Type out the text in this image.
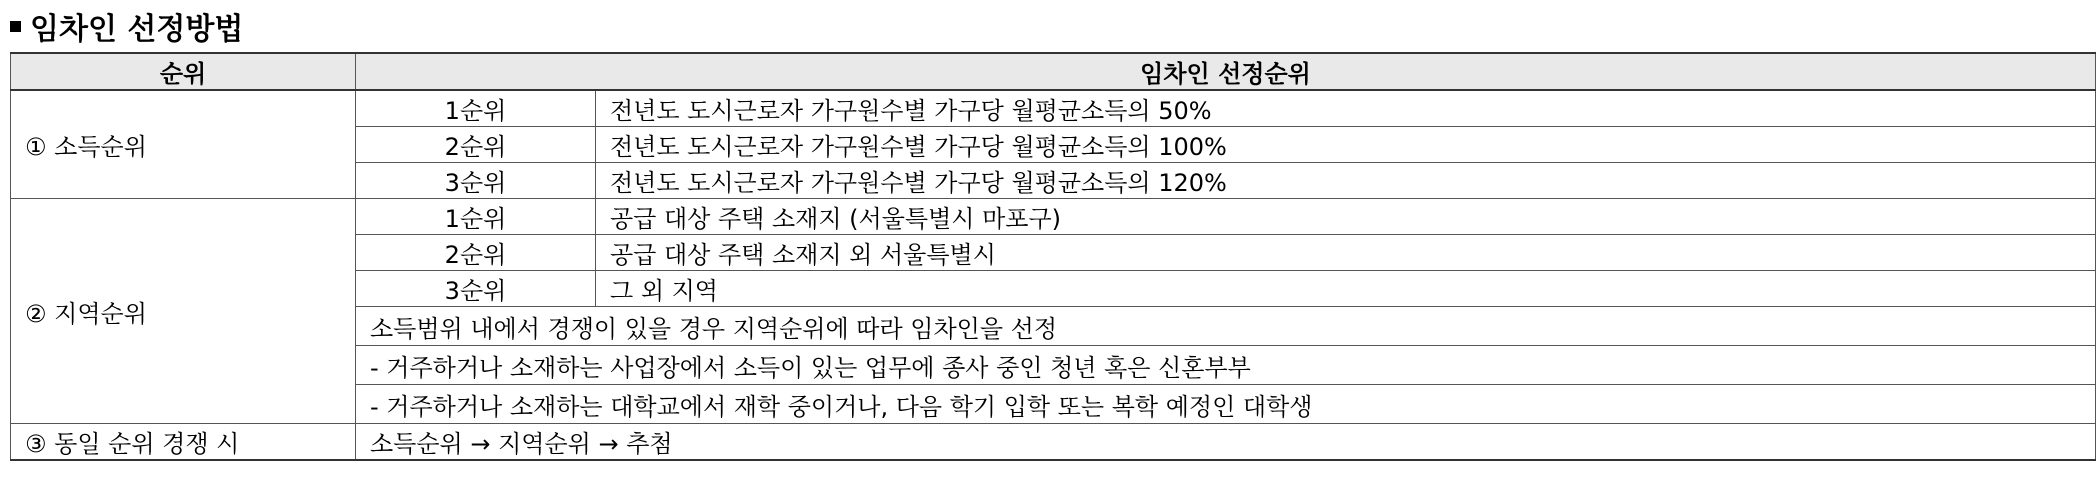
임차인 선정방법
순위	임차인 선정순위	
① 소득순위	1순위	전년도 도시근로자 가구원수별 가구당 월평균소득의 50%
	2순위	전년도 도시근로자 가구원수별 가구당 월평균소득의 100%
	3순위	전년도 도시근로자 가구원수별 가구당 월평균소득의 120%
② 지역순위	1순위	공급 대상 주택 소재지 (서울특별시 마포구)
	2순위	공급 대상 주택 소재지 외 서울특별시
	3순위	그 외 지역
	소득범위 내에서 경쟁이 있을 경우 지역순위에 따라 임차인을 선정	
	- 거주하거나 소재하는 사업장에서 소득이 있는 업무에 종사 중인 청년 혹은 신혼부부	
	- 거주하거나 소재하는 대학교에서 재학 중이거나, 다음 학기 입학 또는 복학 예정인 대학생	
③ 동일 순위 경쟁 시	소득순위 → 지역순위 → 추첨	
